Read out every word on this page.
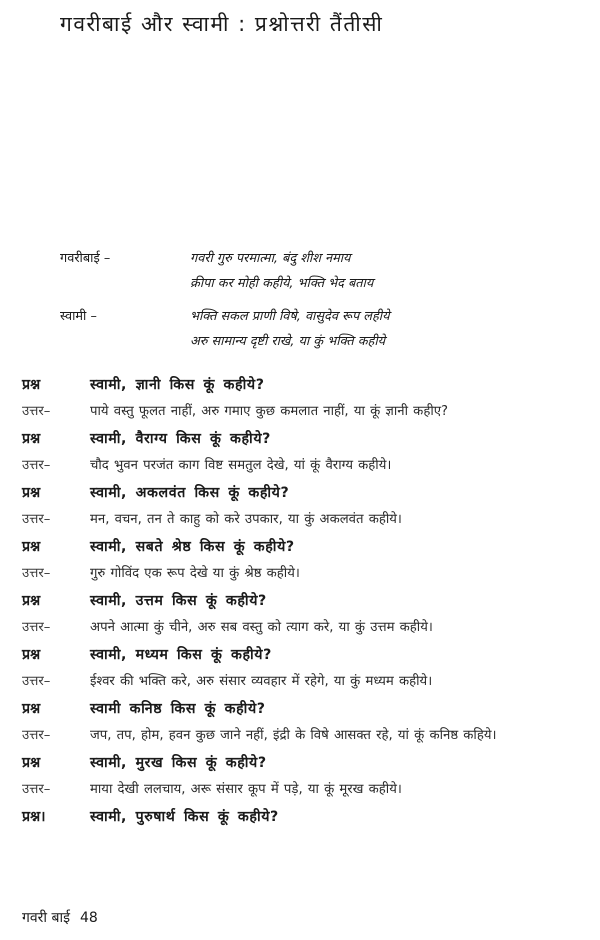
गवरीबाई और स्वामी : प्रश्नोत्तरी तैंतीसी
गवरीबाई –	गवरी गुरु परमात्मा, बंदु शीश नमाय
क्रीपा कर मोही कहीये, भक्ति भेद बताय
स्वामी –	भक्ति सकल प्राणी विषे, वासुदेव रूप लहीये
अरु सामान्य दृष्टी राखे, या कुं भक्ति कहीये
प्रश्न	स्वामी, ज्ञानी किस कूं कहीये?
उत्तर–	पाये वस्तु फूलत नाहीं, अरु गमाए कुछ कमलात नाहीं, या कूं ज्ञानी कहीए?
प्रश्न	स्वामी, वैराग्य किस कूं कहीये?
उत्तर–	चौद भुवन परजंत काग विष्ट समतुल देखे, यां कूं वैराग्य कहीये।
प्रश्न	स्वामी, अकलवंत किस कूं कहीये?
उत्तर–	मन, वचन, तन ते काहु को करे उपकार, या कुं अकलवंत कहीये।
प्रश्न	स्वामी, सबते श्रेष्ठ किस कूं कहीये?
उत्तर–	गुरु गोविंद एक रूप देखे या कुं श्रेष्ठ कहीये।
प्रश्न	स्वामी, उत्तम किस कूं कहीये?
उत्तर–	अपने आत्मा कुं चीने, अरु सब वस्तु को त्याग करे, या कुं उत्तम कहीये।
प्रश्न	स्वामी, मध्यम किस कूं कहीये?
उत्तर–	ईश्वर की भक्ति करे, अरु संसार व्यवहार में रहेगे, या कुं मध्यम कहीये।
प्रश्न	स्वामी कनिष्ठ किस कूं कहीये?
उत्तर–	जप, तप, होम, हवन कुछ जाने नहीं, इंद्री के विषे आसक्त रहे, यां कूं कनिष्ठ कहिये।
प्रश्न	स्वामी, मुरख किस कूं कहीये?
उत्तर–	माया देखी ललचाय, अरू संसार कूप में पड़े, या कूं मूरख कहीये।
प्रश्न।	स्वामी, पुरुषार्थ किस कूं कहीये?
गवरी बाई 48
